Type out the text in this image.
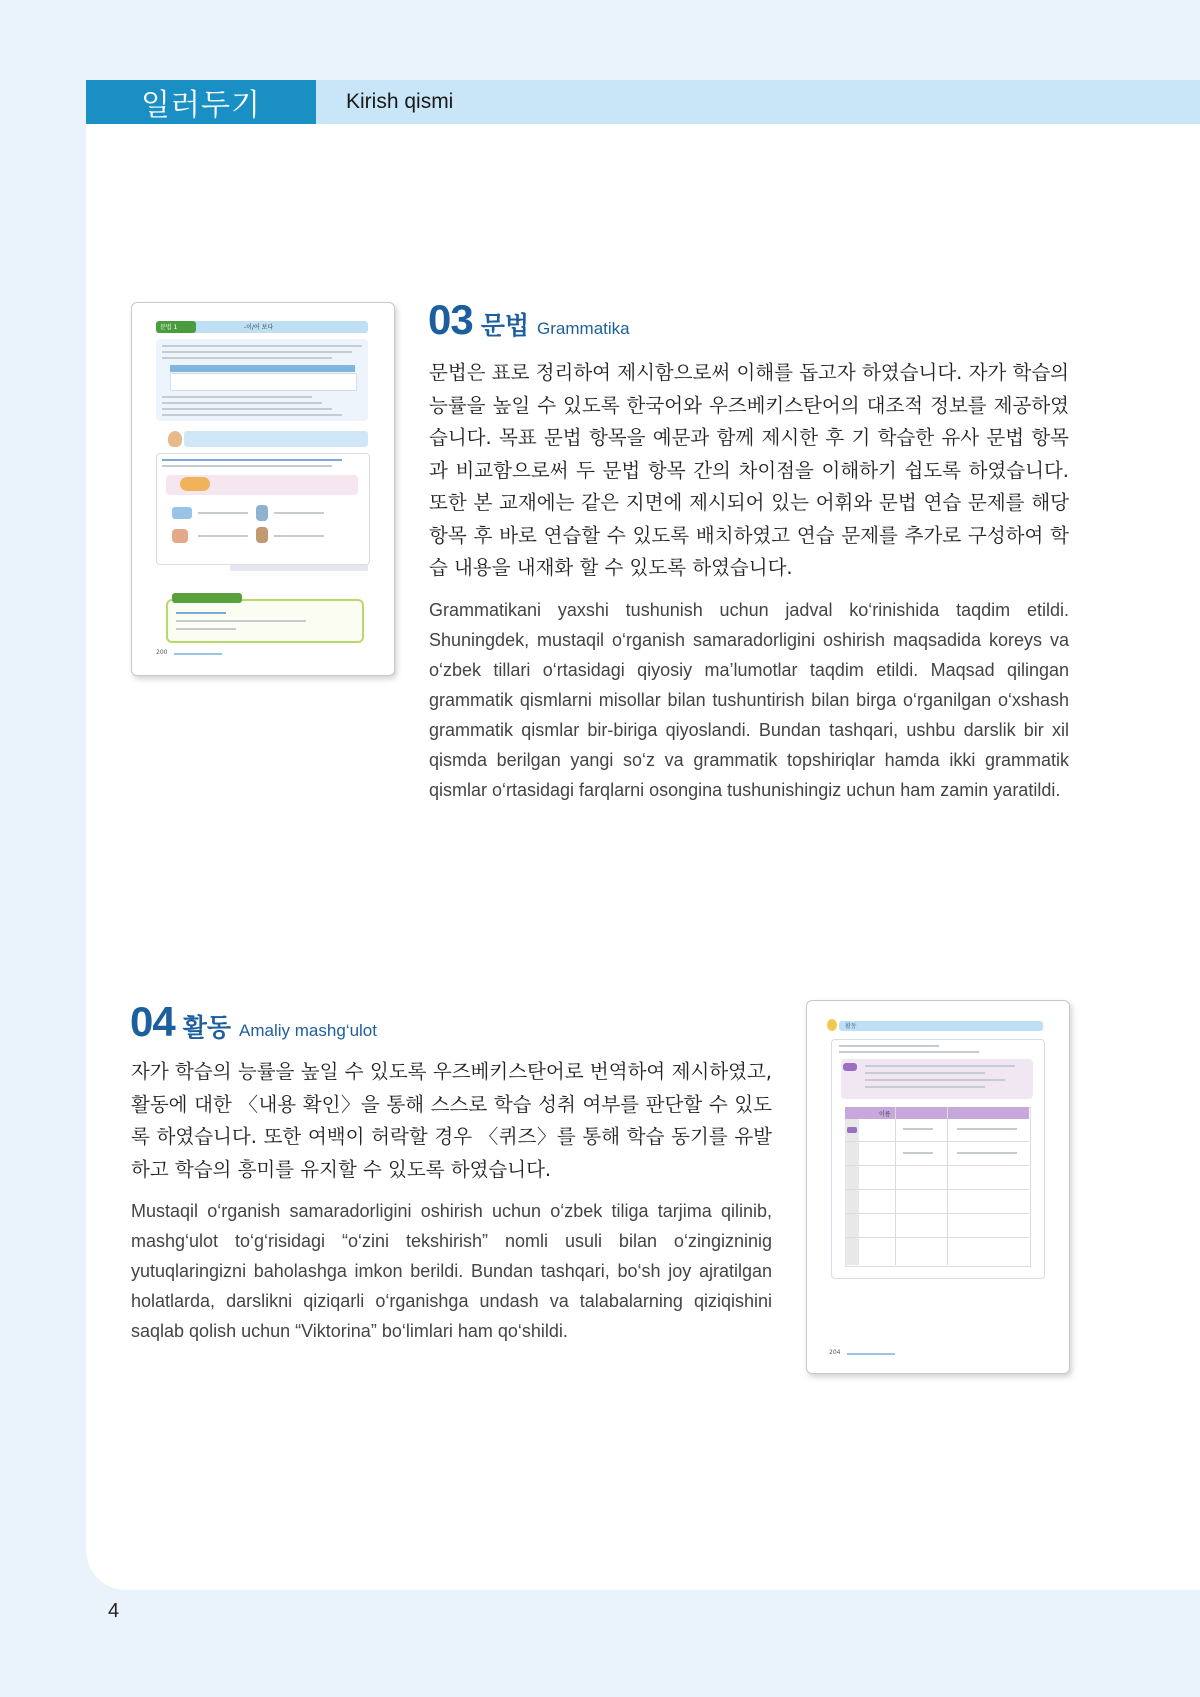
일러두기	Kirish qismi
문법 1	-이/어 보다
200
03 문법 Grammatika

문법은 표로 정리하여 제시함으로써 이해를 돕고자 하였습니다. 자가 학습의 능률을 높일 수 있도록 한국어와 우즈베키스탄어의 대조적 정보를 제공하였습니다. 목표 문법 항목을 예문과 함께 제시한 후 기 학습한 유사 문법 항목과 비교함으로써 두 문법 항목 간의 차이점을 이해하기 쉽도록 하였습니다. 또한 본 교재에는 같은 지면에 제시되어 있는 어휘와 문법 연습 문제를 해당 항목 후 바로 연습할 수 있도록 배치하였고 연습 문제를 추가로 구성하여 학습 내용을 내재화 할 수 있도록 하였습니다.

Grammatikani yaxshi tushunish uchun jadval ko‘rinishida taqdim etildi. Shuningdek, mustaqil o‘rganish samaradorligini oshirish maqsadida koreys va o‘zbek tillari o‘rtasidagi qiyosiy ma’lumotlar taqdim etildi. Maqsad qilingan grammatik qismlarni misollar bilan tushuntirish bilan birga o‘rganilgan o‘xshash grammatik qismlar bir-biriga qiyoslandi. Bundan tashqari, ushbu darslik bir xil qismda berilgan yangi so‘z va grammatik topshiriqlar hamda ikki grammatik qismlar o‘rtasidagi farqlarni osongina tushunishingiz uchun ham zamin yaratildi.

04 활동 Amaliy mashg‘ulot

자가 학습의 능률을 높일 수 있도록 우즈베키스탄어로 번역하여 제시하였고, 활동에 대한 〈내용 확인〉을 통해 스스로 학습 성취 여부를 판단할 수 있도록 하였습니다. 또한 여백이 허락할 경우 〈퀴즈〉를 통해 학습 동기를 유발하고 학습의 흥미를 유지할 수 있도록 하였습니다.

Mustaqil o‘rganish samaradorligini oshirish uchun o‘zbek tiliga tarjima qilinib, mashg‘ulot to‘g‘risidagi “o‘zini tekshirish” nomli usuli bilan o‘zingizninig yutuqlaringizni baholashga imkon berildi. Bundan tashqari, bo‘sh joy ajratilgan holatlarda, darslikni qiziqarli o‘rganishga undash va talabalarning qiziqishini saqlab qolish uchun “Viktorina” bo‘limlari ham qo‘shildi.

활동
이름
204
4
